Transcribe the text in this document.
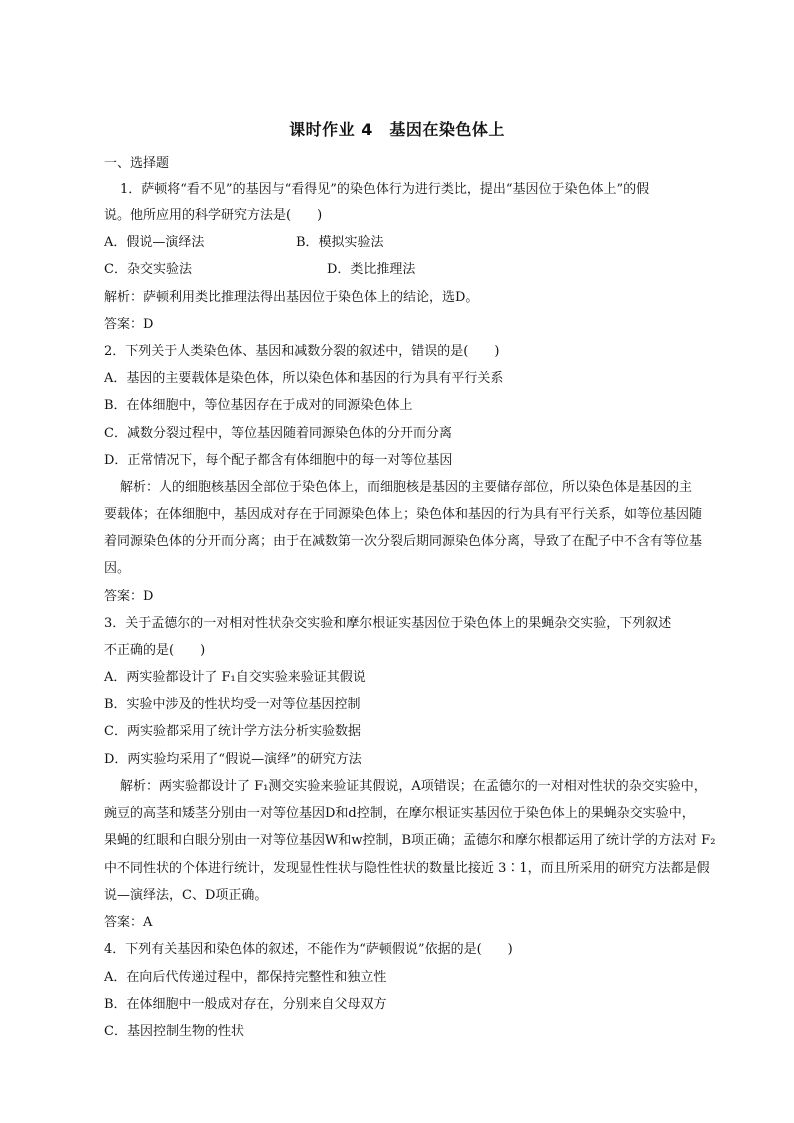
课时作业 4　基因在染色体上
一、选择题
1．萨顿将“看不见”的基因与“看得见”的染色体行为进行类比，提出“基因位于染色体上”的假
说。他所应用的科学研究方法是(　　)
A．假说—演绎法	B．模拟实验法
C．杂交实验法	D．类比推理法
解析：萨顿利用类比推理法得出基因位于染色体上的结论，选D。
答案：D
2．下列关于人类染色体、基因和减数分裂的叙述中，错误的是(　　)
A．基因的主要载体是染色体，所以染色体和基因的行为具有平行关系
B．在体细胞中，等位基因存在于成对的同源染色体上
C．减数分裂过程中，等位基因随着同源染色体的分开而分离
D．正常情况下，每个配子都含有体细胞中的每一对等位基因
解析：人的细胞核基因全部位于染色体上，而细胞核是基因的主要储存部位，所以染色体是基因的主
要载体；在体细胞中，基因成对存在于同源染色体上；染色体和基因的行为具有平行关系，如等位基因随
着同源染色体的分开而分离；由于在减数第一次分裂后期同源染色体分离，导致了在配子中不含有等位基
因。
答案：D
3．关于孟德尔的一对相对性状杂交实验和摩尔根证实基因位于染色体上的果蝇杂交实验，下列叙述
不正确的是(　　)
A．两实验都设计了 F₁自交实验来验证其假说
B．实验中涉及的性状均受一对等位基因控制
C．两实验都采用了统计学方法分析实验数据
D．两实验均采用了“假说—演绎”的研究方法
解析：两实验都设计了 F₁测交实验来验证其假说，A项错误；在孟德尔的一对相对性状的杂交实验中，
豌豆的高茎和矮茎分别由一对等位基因D和d控制，在摩尔根证实基因位于染色体上的果蝇杂交实验中，
果蝇的红眼和白眼分别由一对等位基因W和w控制，B项正确；孟德尔和摩尔根都运用了统计学的方法对 F₂
中不同性状的个体进行统计，发现显性性状与隐性性状的数量比接近 3∶1，而且所采用的研究方法都是假
说—演绎法，C、D项正确。
答案：A
4．下列有关基因和染色体的叙述，不能作为“萨顿假说”依据的是(　　)
A．在向后代传递过程中，都保持完整性和独立性
B．在体细胞中一般成对存在，分别来自父母双方
C．基因控制生物的性状
